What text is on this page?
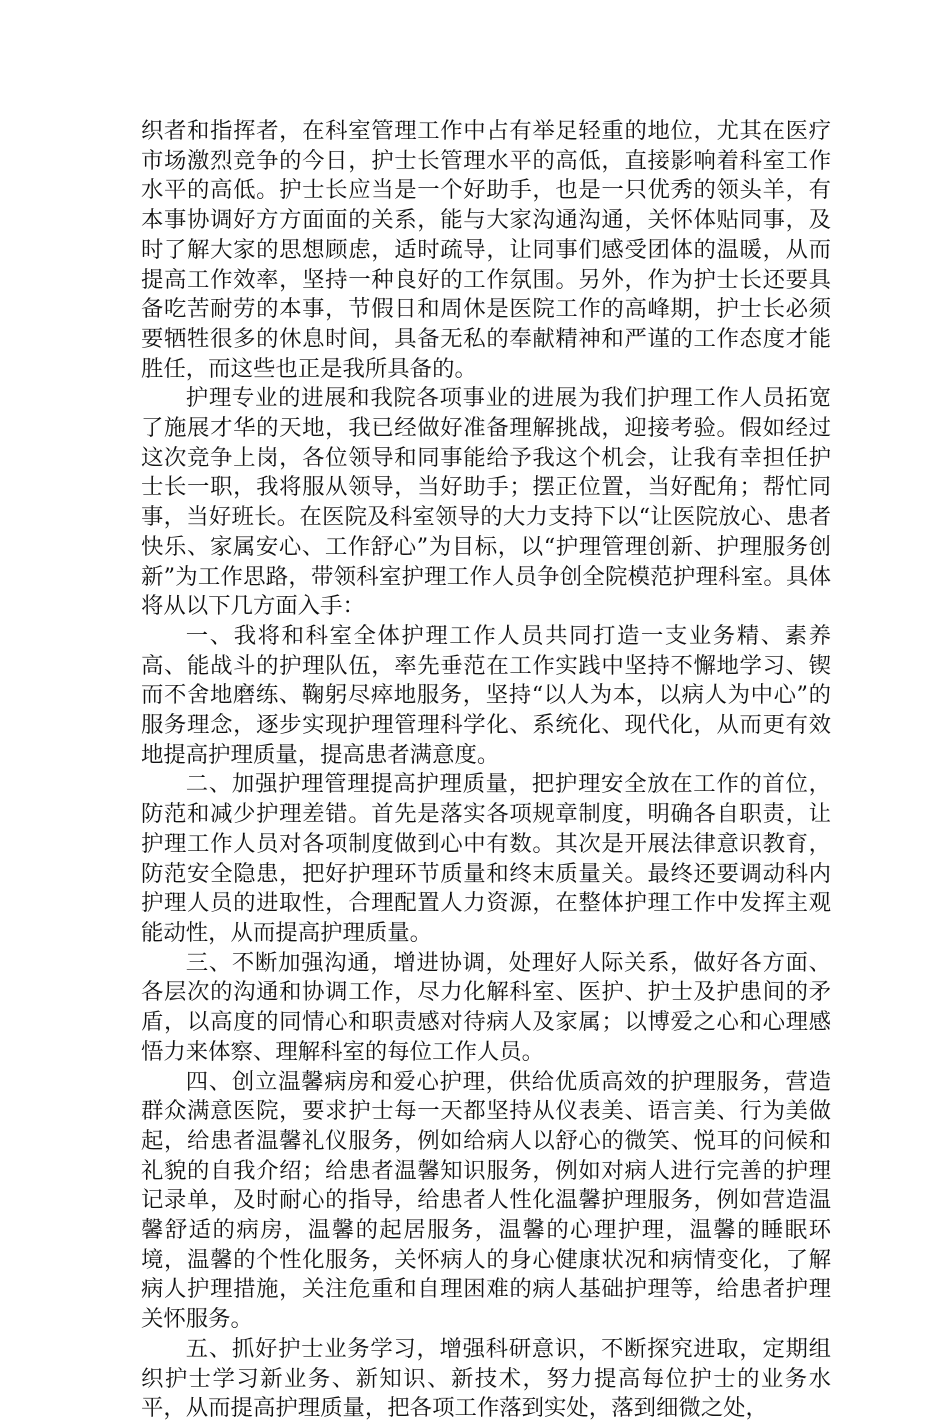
织者和指挥者，在科室管理工作中占有举足轻重的地位，尤其在医疗市场激烈竞争的今日，护士长管理水平的高低，直接影响着科室工作水平的高低。护士长应当是一个好助手，也是一只优秀的领头羊，有本事协调好方方面面的关系，能与大家沟通沟通，关怀体贴同事，及时了解大家的思想顾虑，适时疏导，让同事们感受团体的温暖，从而提高工作效率，坚持一种良好的工作氛围。另外，作为护士长还要具备吃苦耐劳的本事，节假日和周休是医院工作的高峰期，护士长必须要牺牲很多的休息时间，具备无私的奉献精神和严谨的工作态度才能胜任，而这些也正是我所具备的。

护理专业的进展和我院各项事业的进展为我们护理工作人员拓宽了施展才华的天地，我已经做好准备理解挑战，迎接考验。假如经过这次竞争上岗，各位领导和同事能给予我这个机会，让我有幸担任护士长一职，我将服从领导，当好助手；摆正位置，当好配角；帮忙同事，当好班长。在医院及科室领导的大力支持下以“让医院放心、患者快乐、家属安心、工作舒心”为目标，以“护理管理创新、护理服务创新”为工作思路，带领科室护理工作人员争创全院模范护理科室。具体将从以下几方面入手：

一、我将和科室全体护理工作人员共同打造一支业务精、素养高、能战斗的护理队伍，率先垂范在工作实践中坚持不懈地学习、锲而不舍地磨练、鞠躬尽瘁地服务，坚持“以人为本，以病人为中心”的服务理念，逐步实现护理管理科学化、系统化、现代化，从而更有效地提高护理质量，提高患者满意度。

二、加强护理管理提高护理质量，把护理安全放在工作的首位，防范和减少护理差错。首先是落实各项规章制度，明确各自职责，让护理工作人员对各项制度做到心中有数。其次是开展法律意识教育，防范安全隐患，把好护理环节质量和终末质量关。最终还要调动科内护理人员的进取性，合理配置人力资源，在整体护理工作中发挥主观能动性，从而提高护理质量。

三、不断加强沟通，增进协调，处理好人际关系，做好各方面、各层次的沟通和协调工作，尽力化解科室、医护、护士及护患间的矛盾，以高度的同情心和职责感对待病人及家属；以博爱之心和心理感悟力来体察、理解科室的每位工作人员。

四、创立温馨病房和爱心护理，供给优质高效的护理服务，营造群众满意医院，要求护士每一天都坚持从仪表美、语言美、行为美做起，给患者温馨礼仪服务，例如给病人以舒心的微笑、悦耳的问候和礼貌的自我介绍；给患者温馨知识服务，例如对病人进行完善的护理记录单，及时耐心的指导，给患者人性化温馨护理服务，例如营造温馨舒适的病房，温馨的起居服务，温馨的心理护理，温馨的睡眠环境，温馨的个性化服务，关怀病人的身心健康状况和病情变化，了解病人护理措施，关注危重和自理困难的病人基础护理等，给患者护理关怀服务。

五、抓好护士业务学习，增强科研意识，不断探究进取，定期组织护士学习新业务、新知识、新技术，努力提高每位护士的业务水平，从而提高护理质量，把各项工作落到实处，落到细微之处，
